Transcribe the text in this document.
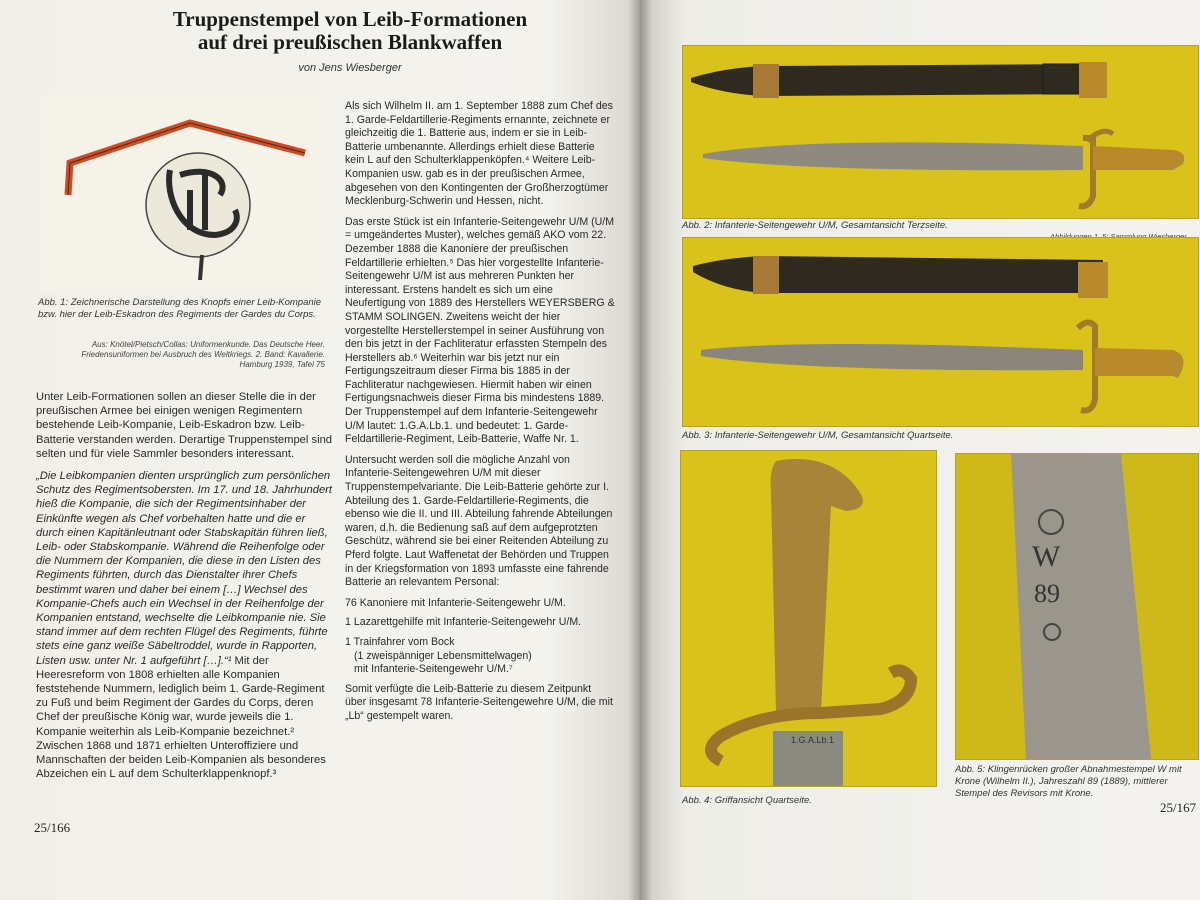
Truppenstempel von Leib-Formationen
auf drei preußischen Blankwaffen
von Jens Wiesberger
Abb. 1: Zeichnerische Darstellung des Knopfs einer Leib-Kompanie bzw. hier der Leib-Eskadron des Regiments der Gardes du Corps.
Aus: Knötel/Pietsch/Collas: Uniformenkunde. Das Deutsche Heer. Friedensuniformen bei Ausbruch des Weltkriegs. 2. Band: Kavallerie. Hamburg 1939, Tafel 75

Unter Leib-Formationen sollen an dieser Stelle die in der preußischen Armee bei einigen wenigen Regimentern bestehende Leib-Kompanie, Leib-Eskadron bzw. Leib-Batterie verstanden werden. Derartige Truppenstempel sind selten und für viele Sammler besonders interessant.

„Die Leibkompanien dienten ursprünglich zum persönlichen Schutz des Regimentsobersten. Im 17. und 18. Jahrhundert hieß die Kompanie, die sich der Regimentsinhaber der Einkünfte wegen als Chef vorbehalten hatte und die er durch einen Kapitänleutnant oder Stabskapitän führen ließ, Leib- oder Stabskompanie. Während die Reihenfolge oder die Nummern der Kompanien, die diese in den Listen des Regiments führten, durch das Dienstalter ihrer Chefs bestimmt waren und daher bei einem […] Wechsel des Kompanie-Chefs auch ein Wechsel in der Reihenfolge der Kompanien entstand, wechselte die Leibkompanie nie. Sie stand immer auf dem rechten Flügel des Regiments, führte stets eine ganz weiße Säbeltroddel, wurde in Rapporten, Listen usw. unter Nr. 1 aufgeführt […].“¹ Mit der Heeresreform von 1808 erhielten alle Kompanien feststehende Nummern, lediglich beim 1. Garde-Regiment zu Fuß und beim Regiment der Gardes du Corps, deren Chef der preußische König war, wurde jeweils die 1. Kompanie weiterhin als Leib-Kompanie bezeichnet.² Zwischen 1868 und 1871 erhielten Unteroffiziere und Mannschaften der beiden Leib-Kompanien als besonderes Abzeichen ein L auf dem Schulterklappenknopf.³

25/166

Als sich Wilhelm II. am 1. September 1888 zum Chef des 1. Garde-Feldartillerie-Regiments ernannte, zeichnete er gleichzeitig die 1. Batterie aus, indem er sie in Leib-Batterie umbenannte. Allerdings erhielt diese Batterie kein L auf den Schulterklappenköpfen.⁴ Weitere Leib-Kompanien usw. gab es in der preußischen Armee, abgesehen von den Kontingenten der Großherzogtümer Mecklenburg-Schwerin und Hessen, nicht.

Das erste Stück ist ein Infanterie-Seitengewehr U/M (U/M = umgeändertes Muster), welches gemäß AKO vom 22. Dezember 1888 die Kanoniere der preußischen Feldartillerie erhielten.⁵ Das hier vorgestellte Infanterie-Seitengewehr U/M ist aus mehreren Punkten her interessant. Erstens handelt es sich um eine Neufertigung von 1889 des Herstellers WEYERSBERG & STAMM SOLINGEN. Zweitens weicht der hier vorgestellte Herstellerstempel in seiner Ausführung von den bis jetzt in der Fachliteratur erfassten Stempeln des Herstellers ab.⁶ Weiterhin war bis jetzt nur ein Fertigungszeitraum dieser Firma bis 1885 in der Fachliteratur nachgewiesen. Hiermit haben wir einen Fertigungsnachweis dieser Firma bis mindestens 1889. Der Truppenstempel auf dem Infanterie-Seitengewehr U/M lautet: 1.G.A.Lb.1. und bedeutet: 1. Garde-Feldartillerie-Regiment, Leib-Batterie, Waffe Nr. 1.

Untersucht werden soll die mögliche Anzahl von Infanterie-Seitengewehren U/M mit dieser Truppenstempelvariante. Die Leib-Batterie gehörte zur I. Abteilung des 1. Garde-Feldartillerie-Regiments, die ebenso wie die II. und III. Abteilung fahrende Abteilungen waren, d.h. die Bedienung saß auf dem aufgeprotzten Geschütz, während sie bei einer Reitenden Abteilung zu Pferd folgte. Laut Waffenetat der Behörden und Truppen in der Kriegsformation von 1893 umfasste eine fahrende Batterie an relevantem Personal:

76 Kanoniere mit Infanterie-Seitengewehr U/M.
1 Lazarettgehilfe mit Infanterie-Seitengewehr U/M.
1 Trainfahrer vom Bock
(1 zweispänniger Lebensmittelwagen)
mit Infanterie-Seitengewehr U/M.⁷

Somit verfügte die Leib-Batterie zu diesem Zeitpunkt über insgesamt 78 Infanterie-Seitengewehre U/M, die mit „Lb“ gestempelt waren.

Abb. 2: Infanterie-Seitengewehr U/M, Gesamtansicht Terzseite.
Abb. 3: Infanterie-Seitengewehr U/M, Gesamtansicht Quartseite.
1.G.A.Lb.1
Abb. 4: Griffansicht Quartseite.
W
89
Abb. 5: Klingenrücken großer Abnahmestempel W mit Krone (Wilhelm II.), Jahreszahl 89 (1889), mittlerer Stempel des Revisors mit Krone.
25/167
